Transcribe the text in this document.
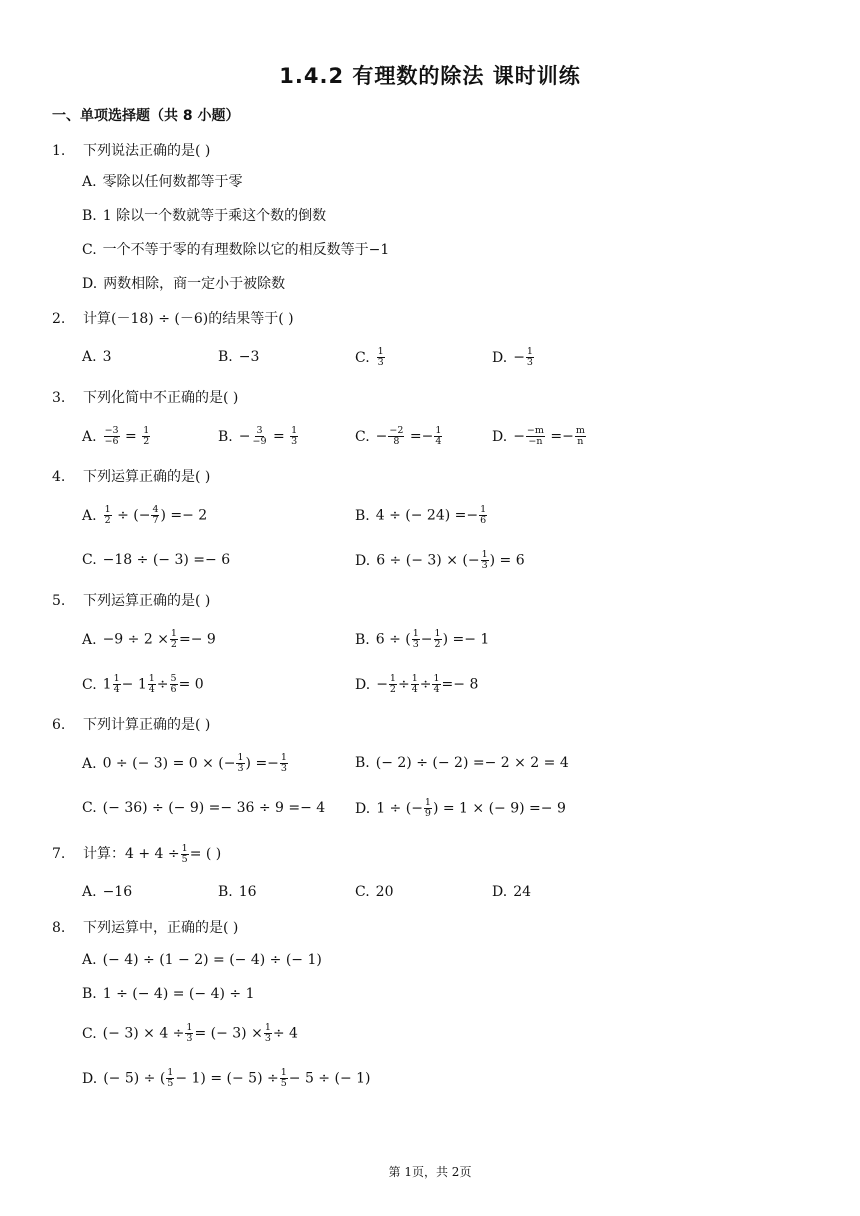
1.4.2 有理数的除法 课时训练
一、单项选择题（共 8 小题）
1. 下列说法正确的是( )
A. 零除以任何数都等于零
B. 1 除以一个数就等于乘这个数的倒数
C. 一个不等于零的有理数除以它的相反数等于−1
D. 两数相除，商一定小于被除数
2. 计算(－18) ÷ (－6)的结果等于( )
A. 3	B. −3	C. $\frac{1}{3}$	D. − $\frac{1}{3}$
3. 下列化简中不正确的是( )
A. $\frac{-3}{-6} = \frac{1}{2}$	B. − $\frac{3}{-9} = \frac{1}{3}$	C. − $\frac{-2}{8} =- \frac{1}{4}$	D. − $\frac{-m}{-n} =- \frac{m}{n}$
4. 下列运算正确的是( )
A. $\frac{1}{2}$ ÷ (− $\frac{4}{7}$ ) =− 2	B. 4 ÷ (− $24) =- \frac{1}{6}$
C. −18 ÷ (− 3) =− 6	D. 6 ÷ (− 3) × (− $\frac{1}{3}$ ) = 6
5. 下列运算正确的是( )
A. $-9 \div 2 \times \frac{1}{2} =- 9$	B. 6 ÷ ( $\frac{1}{3} - \frac{1}{2}$ ) =− 1
C. $1 \frac{1}{4} - 1 \frac{1}{4} \div \frac{5}{6} = 0$	D. − $\frac{1}{2} \div \frac{1}{4} \div \frac{1}{4} =- 8$
6. 下列计算正确的是( )
A. 0 ÷ (− 3) = 0 × (− $\frac{1}{3}$ ) =− $\frac{1}{3}$	B. (− 2) ÷ (− 2) =− 2 × 2 = 4
C. (− 36) ÷ (− 9) =− 36 ÷ 9 =− 4 D. 1 ÷ (− $\frac{1}{9}$ ) = 1 × (− 9) =− 9
7. 计算：$4 + 4 \div \frac{1}{5}$ = ( )
A. −16	B. 16	C. 20	D. 24
8. 下列运算中，正确的是( )
A. (− 4) ÷ (1 − 2) = (− 4) ÷ (− 1)
B. 1 ÷ (− 4) = (− 4) ÷ 1
C. (− $3) \times 4 \div \frac{1}{3}$ = (− $3) \times \frac{1}{3} \div 4$
D. (− 5) ÷ ( $\frac{1}{5} - 1$) = (− $5) \div \frac{1}{5} - 5$ ÷ (− 1)
第 1页，共 2页
